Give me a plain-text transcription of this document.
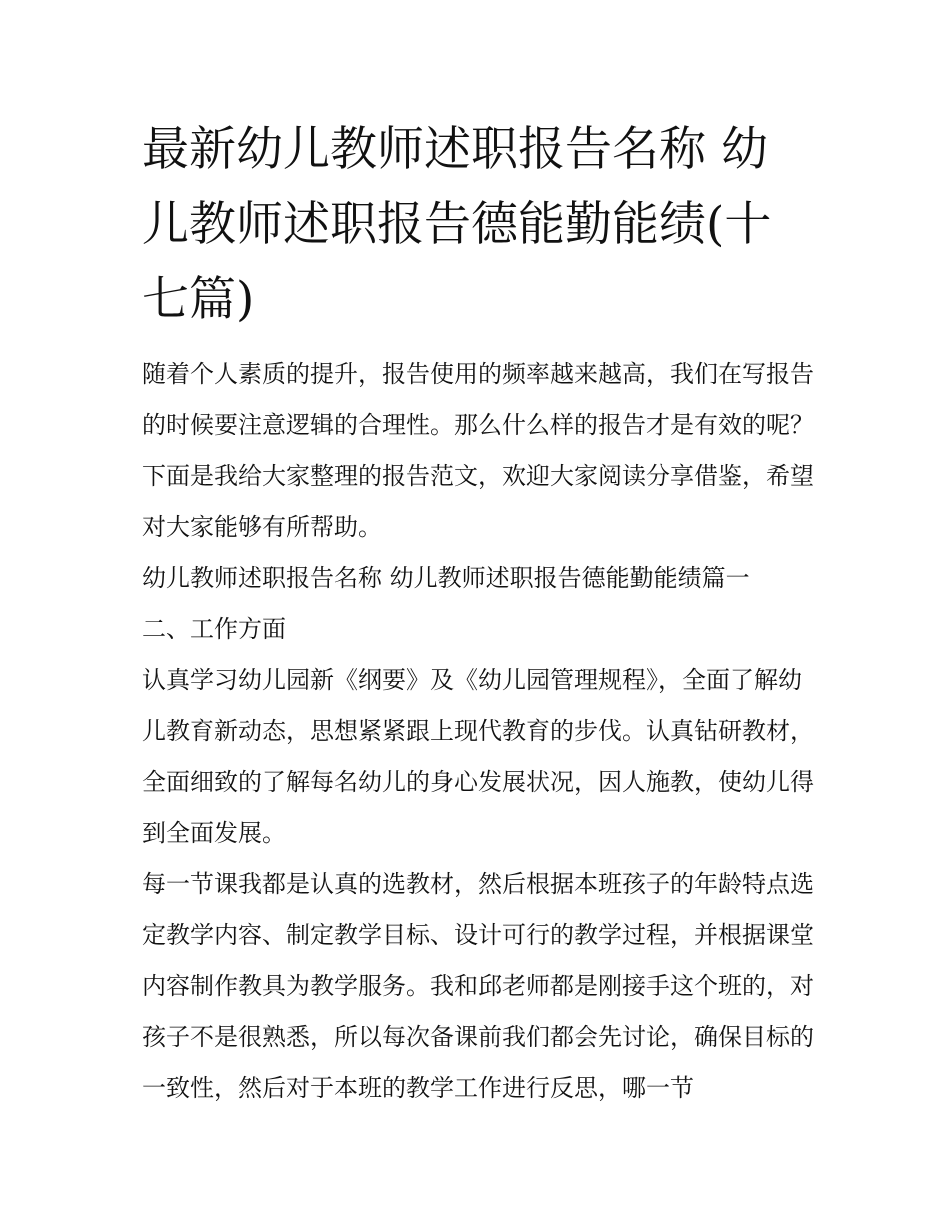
最新幼儿教师述职报告名称 幼儿教师述职报告德能勤能绩(十七篇)

随着个人素质的提升，报告使用的频率越来越高，我们在写报告的时候要注意逻辑的合理性。那么什么样的报告才是有效的呢？下面是我给大家整理的报告范文，欢迎大家阅读分享借鉴，希望对大家能够有所帮助。

幼儿教师述职报告名称 幼儿教师述职报告德能勤能绩篇一

二、工作方面

认真学习幼儿园新《纲要》及《幼儿园管理规程》，全面了解幼儿教育新动态，思想紧紧跟上现代教育的步伐。认真钻研教材，全面细致的了解每名幼儿的身心发展状况，因人施教，使幼儿得到全面发展。

每一节课我都是认真的选教材，然后根据本班孩子的年龄特点选定教学内容、制定教学目标、设计可行的教学过程，并根据课堂内容制作教具为教学服务。我和邱老师都是刚接手这个班的，对孩子不是很熟悉，所以每次备课前我们都会先讨论，确保目标的一致性，然后对于本班的教学工作进行反思，哪一节
